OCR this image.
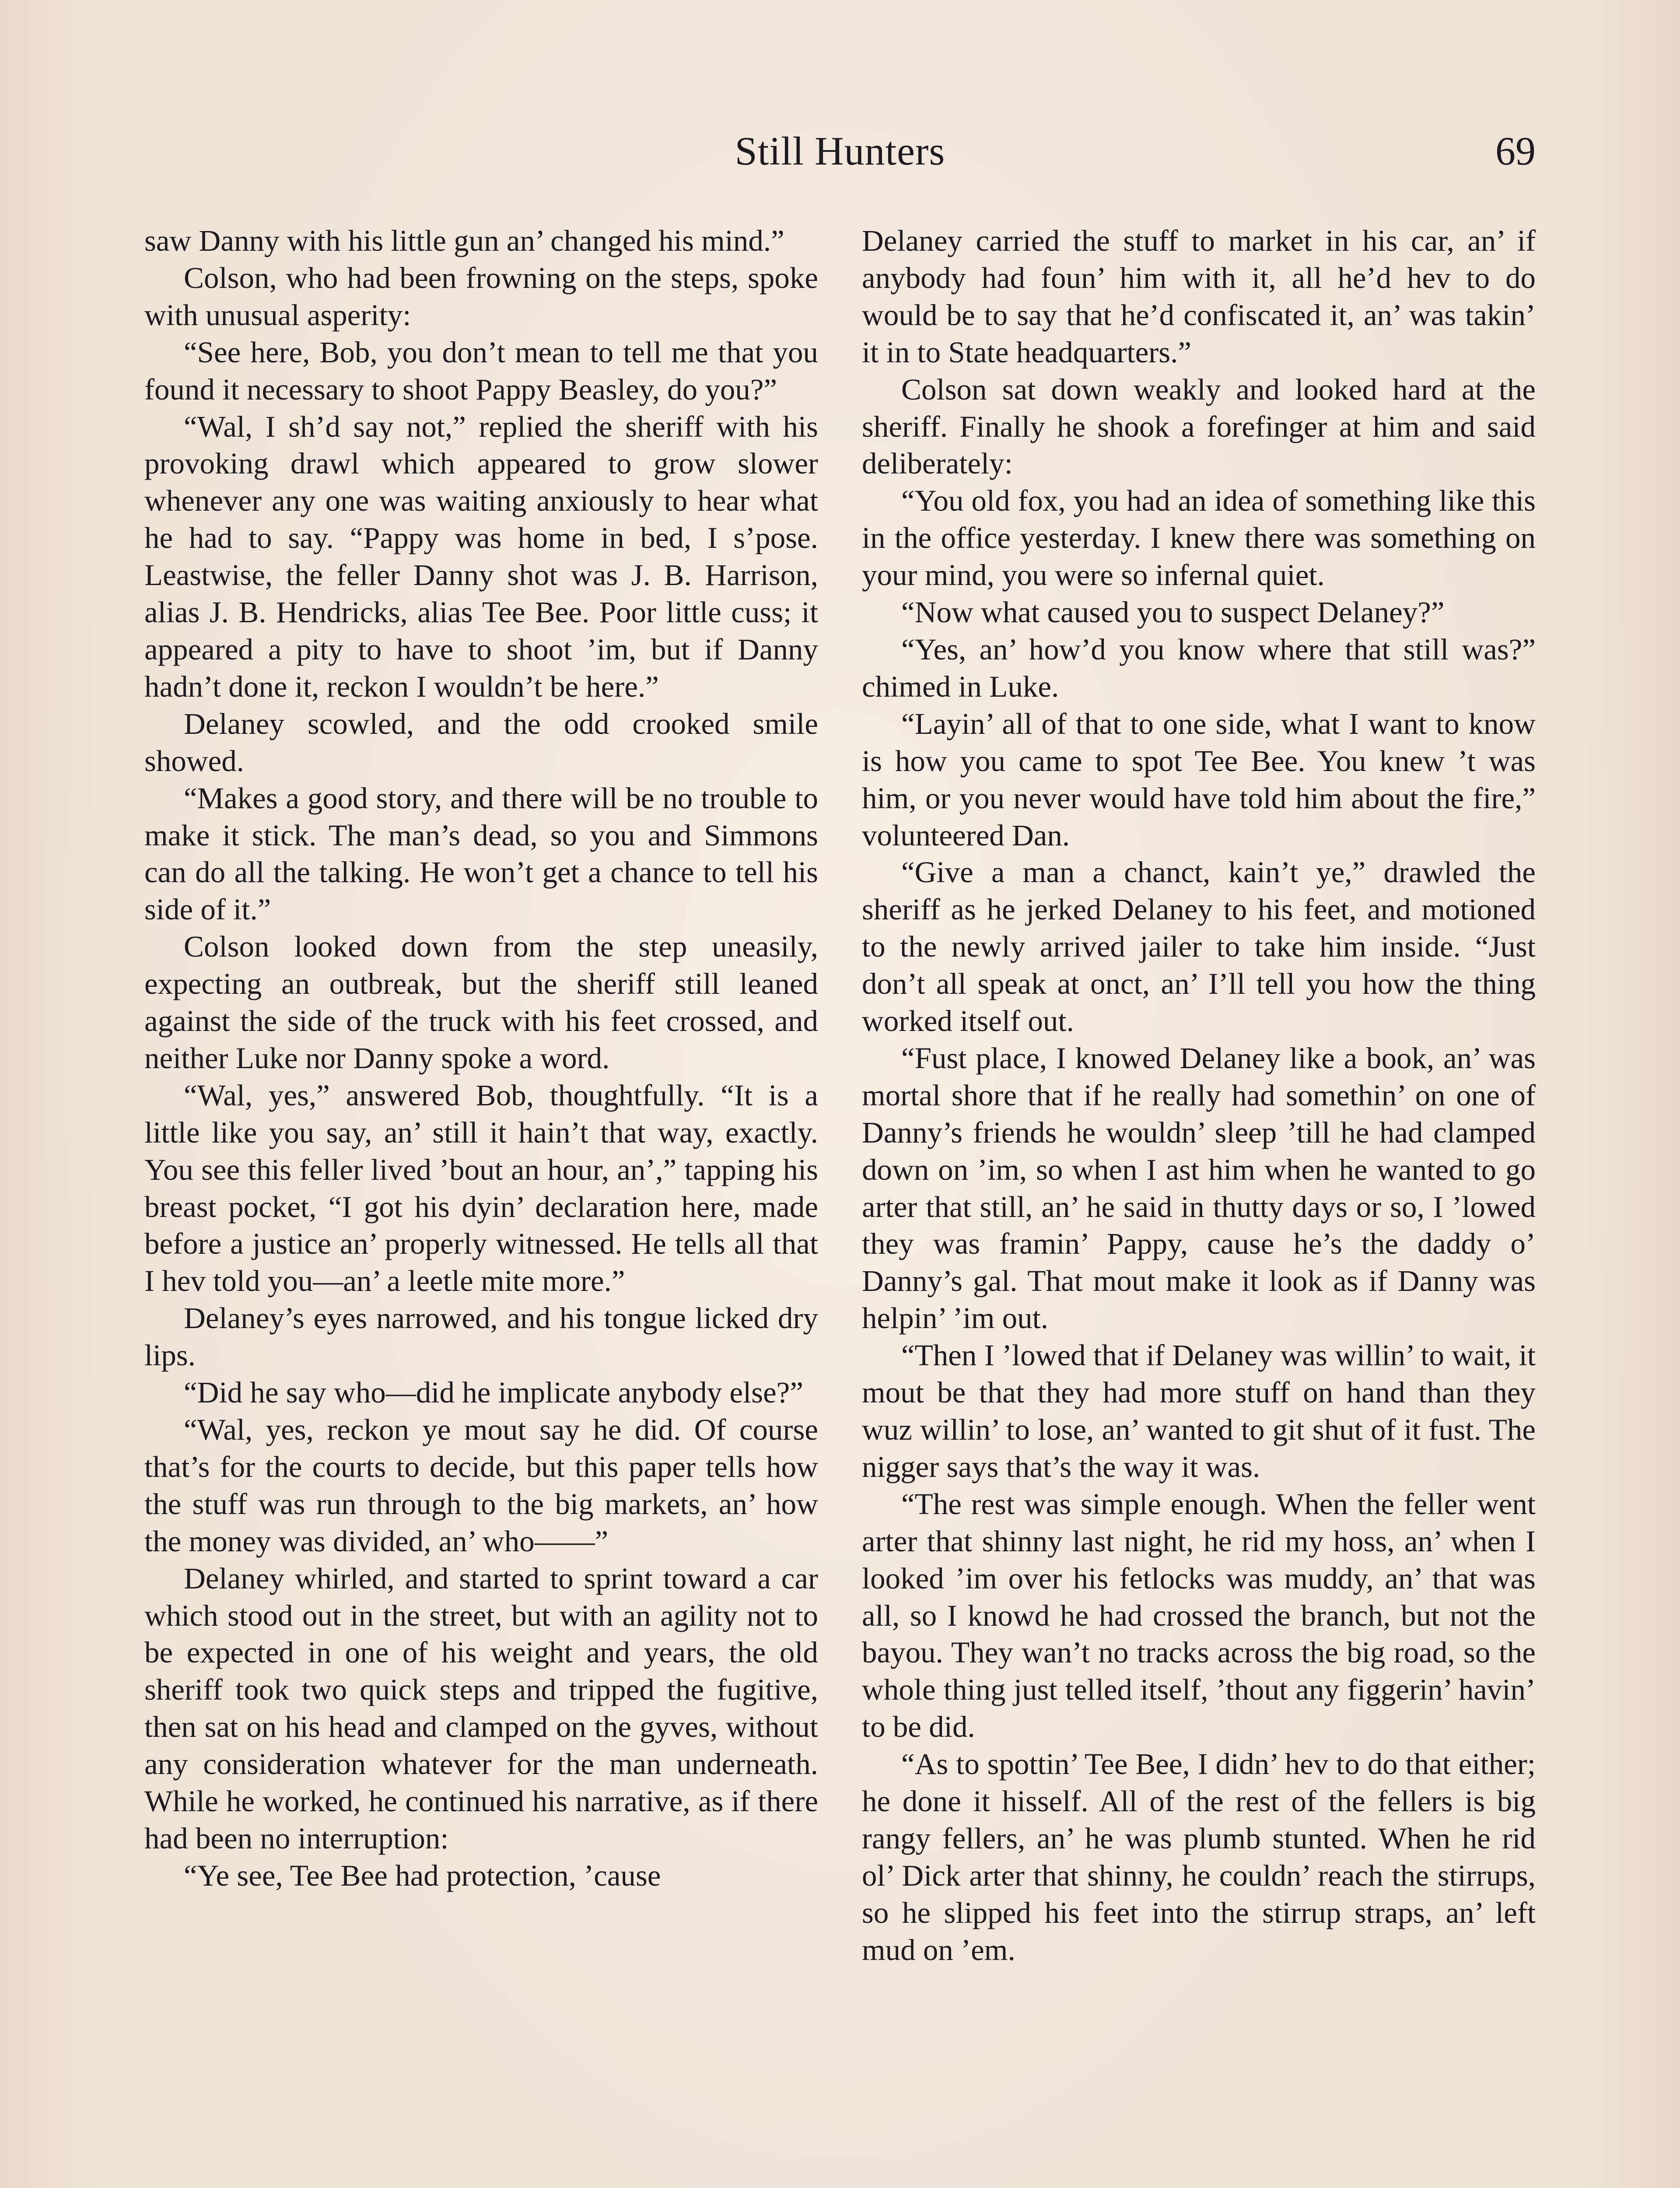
Still Hunters	69

saw Danny with his little gun an’ changed his mind.”

Colson, who had been frowning on the steps, spoke with unusual asperity:

“See here, Bob, you don’t mean to tell me that you found it necessary to shoot Pappy Beasley, do you?”

“Wal, I sh’d say not,” replied the sheriff with his provoking drawl which appeared to grow slower whenever any one was waiting anxiously to hear what he had to say. “Pappy was home in bed, I s’pose. Leastwise, the feller Danny shot was J. B. Harrison, alias J. B. Hendricks, alias Tee Bee. Poor little cuss; it appeared a pity to have to shoot ’im, but if Danny hadn’t done it, reckon I wouldn’t be here.”

Delaney scowled, and the odd crooked smile showed.

“Makes a good story, and there will be no trouble to make it stick. The man’s dead, so you and Simmons can do all the talking. He won’t get a chance to tell his side of it.”

Colson looked down from the step uneasily, expecting an outbreak, but the sheriff still leaned against the side of the truck with his feet crossed, and neither Luke nor Danny spoke a word.

“Wal, yes,” answered Bob, thoughtfully. “It is a little like you say, an’ still it hain’t that way, exactly. You see this feller lived ’bout an hour, an’,” tapping his breast pocket, “I got his dyin’ declaration here, made before a justice an’ properly witnessed. He tells all that I hev told you—an’ a leetle mite more.”

Delaney’s eyes narrowed, and his tongue licked dry lips.

“Did he say who—did he implicate anybody else?”

“Wal, yes, reckon ye mout say he did. Of course that’s for the courts to decide, but this paper tells how the stuff was run through to the big markets, an’ how the money was divided, an’ who——”

Delaney whirled, and started to sprint toward a car which stood out in the street, but with an agility not to be expected in one of his weight and years, the old sheriff took two quick steps and tripped the fugitive, then sat on his head and clamped on the gyves, without any consideration whatever for the man underneath. While he worked, he continued his narrative, as if there had been no interruption:

“Ye see, Tee Bee had protection, ’cause

Delaney carried the stuff to market in his car, an’ if anybody had foun’ him with it, all he’d hev to do would be to say that he’d confiscated it, an’ was takin’ it in to State headquarters.”

Colson sat down weakly and looked hard at the sheriff. Finally he shook a forefinger at him and said deliberately:

“You old fox, you had an idea of something like this in the office yesterday. I knew there was something on your mind, you were so infernal quiet.

“Now what caused you to suspect Delaney?”

“Yes, an’ how’d you know where that still was?” chimed in Luke.

“Layin’ all of that to one side, what I want to know is how you came to spot Tee Bee. You knew ’t was him, or you never would have told him about the fire,” volunteered Dan.

“Give a man a chanct, kain’t ye,” drawled the sheriff as he jerked Delaney to his feet, and motioned to the newly arrived jailer to take him inside. “Just don’t all speak at onct, an’ I’ll tell you how the thing worked itself out.

“Fust place, I knowed Delaney like a book, an’ was mortal shore that if he really had somethin’ on one of Danny’s friends he wouldn’ sleep ’till he had clamped down on ’im, so when I ast him when he wanted to go arter that still, an’ he said in thutty days or so, I ’lowed they was framin’ Pappy, cause he’s the daddy o’ Danny’s gal. That mout make it look as if Danny was helpin’ ’im out.

“Then I ’lowed that if Delaney was willin’ to wait, it mout be that they had more stuff on hand than they wuz willin’ to lose, an’ wanted to git shut of it fust. The nigger says that’s the way it was.

“The rest was simple enough. When the feller went arter that shinny last night, he rid my hoss, an’ when I looked ’im over his fetlocks was muddy, an’ that was all, so I knowd he had crossed the branch, but not the bayou. They wan’t no tracks across the big road, so the whole thing just telled itself, ’thout any figgerin’ havin’ to be did.

“As to spottin’ Tee Bee, I didn’ hev to do that either; he done it hisself. All of the rest of the fellers is big rangy fellers, an’ he was plumb stunted. When he rid ol’ Dick arter that shinny, he couldn’ reach the stirrups, so he slipped his feet into the stirrup straps, an’ left mud on ’em.
